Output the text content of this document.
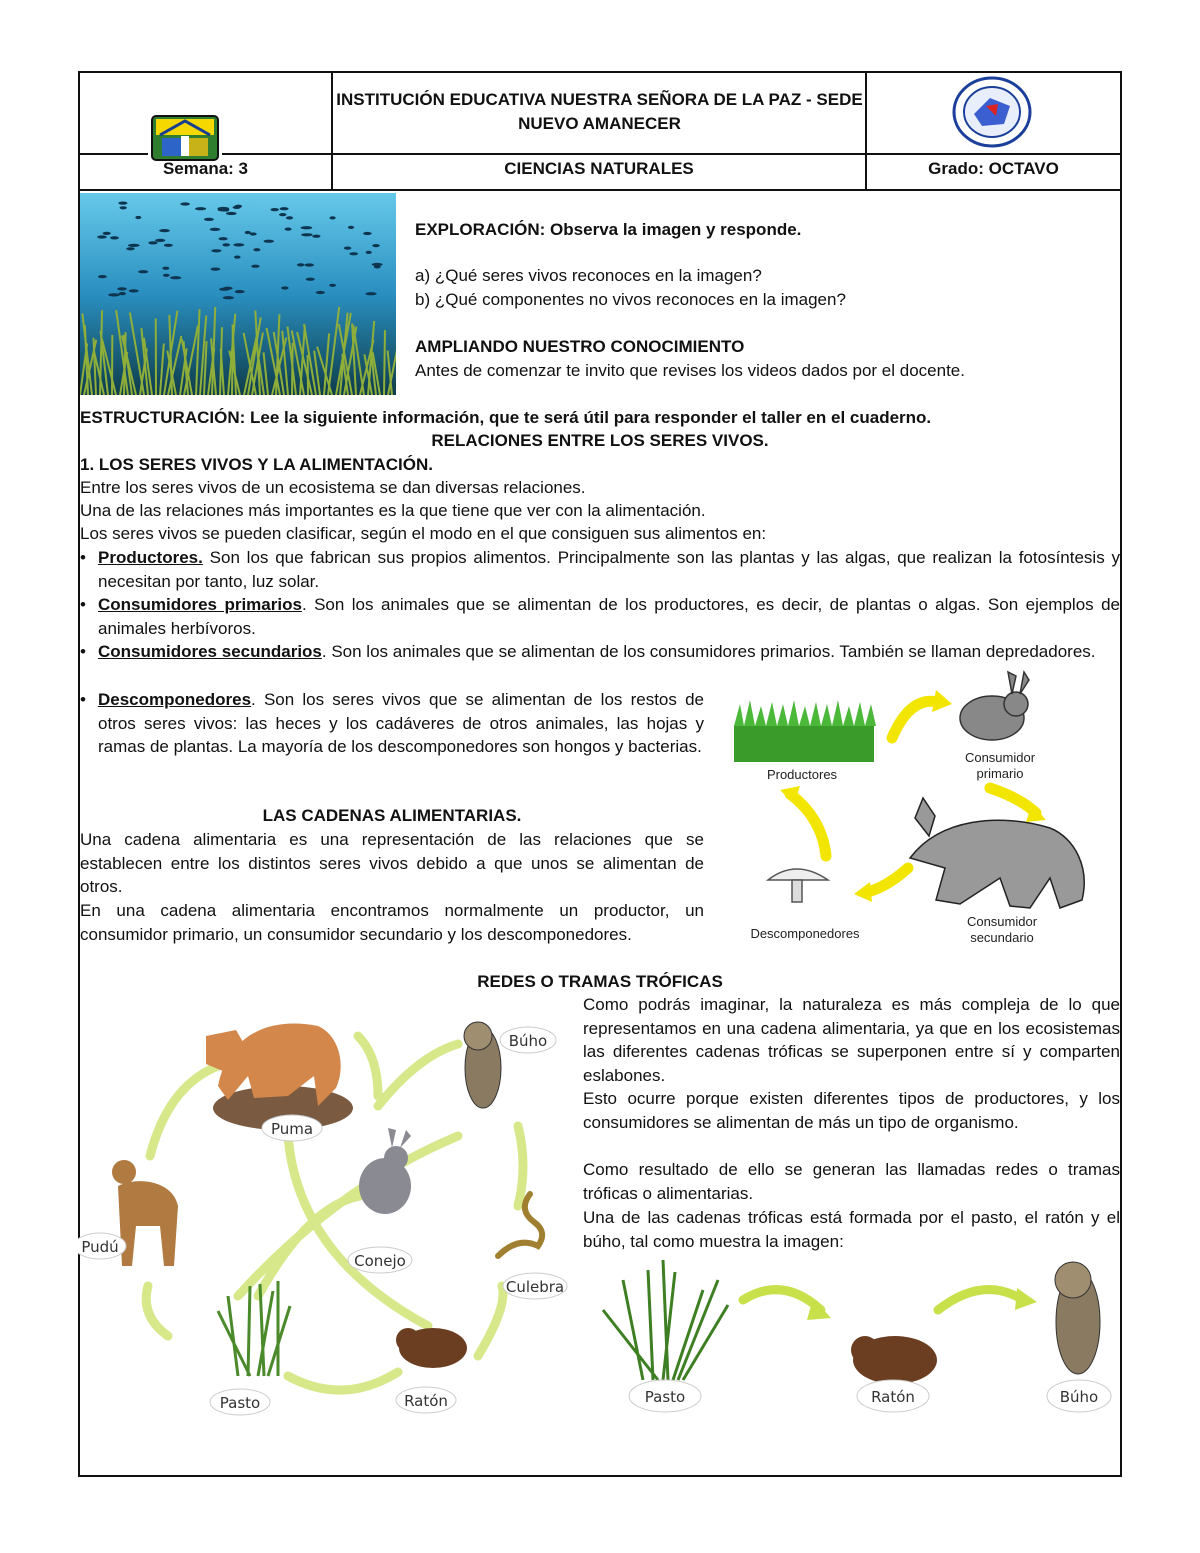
INSTITUCIÓN EDUCATIVA NUESTRA SEÑORA DE LA PAZ - SEDE NUEVO AMANECER
Semana: 3	CIENCIAS NATURALES	Grado: OCTAVO
EXPLORACIÓN: Observa la imagen y responde.
a) ¿Qué seres vivos reconoces en la imagen?
b) ¿Qué componentes no vivos reconoces en la imagen?
AMPLIANDO NUESTRO CONOCIMIENTO
Antes de comenzar te invito que revises los videos dados por el docente.
ESTRUCTURACIÓN: Lee la siguiente información, que te será útil para responder el taller en el cuaderno.
RELACIONES ENTRE LOS SERES VIVOS.
1. LOS SERES VIVOS Y LA ALIMENTACIÓN.
Entre los seres vivos de un ecosistema se dan diversas relaciones.
Una de las relaciones más importantes es la que tiene que ver con la alimentación.
Los seres vivos se pueden clasificar, según el modo en el que consiguen sus alimentos en:
• Productores. Son los que fabrican sus propios alimentos. Principalmente son las plantas y las algas, que realizan la fotosíntesis y necesitan por tanto, luz solar.
• Consumidores primarios. Son los animales que se alimentan de los productores, es decir, de plantas o algas. Son ejemplos de animales herbívoros.
• Consumidores secundarios. Son los animales que se alimentan de los consumidores primarios. También se llaman depredadores.
• Descomponedores. Son los seres vivos que se alimentan de los restos de otros seres vivos: las heces y los cadáveres de otros animales, las hojas y ramas de plantas. La mayoría de los descomponedores son hongos y bacterias.
Productores
Consumidor
primario
Consumidor
secundario
Descomponedores
LAS CADENAS ALIMENTARIAS.
Una cadena alimentaria es una representación de las relaciones que se establecen entre los distintos seres vivos debido a que unos se alimentan de otros.
En una cadena alimentaria encontramos normalmente un productor, un consumidor primario, un consumidor secundario y los descomponedores.
REDES O TRAMAS TRÓFICAS
Como podrás imaginar, la naturaleza es más compleja de lo que representamos en una cadena alimentaria, ya que en los ecosistemas las diferentes cadenas tróficas se superponen entre sí y comparten eslabones.
Esto ocurre porque existen diferentes tipos de productores, y los consumidores se alimentan de más un tipo de organismo.
Como resultado de ello se generan las llamadas redes o tramas tróficas o alimentarias.
Una de las cadenas tróficas está formada por el pasto, el ratón y el búho, tal como muestra la imagen:
Puma
Búho
Pudú
Conejo
Culebra
Pasto	Ratón	Pasto	Ratón	Búho
